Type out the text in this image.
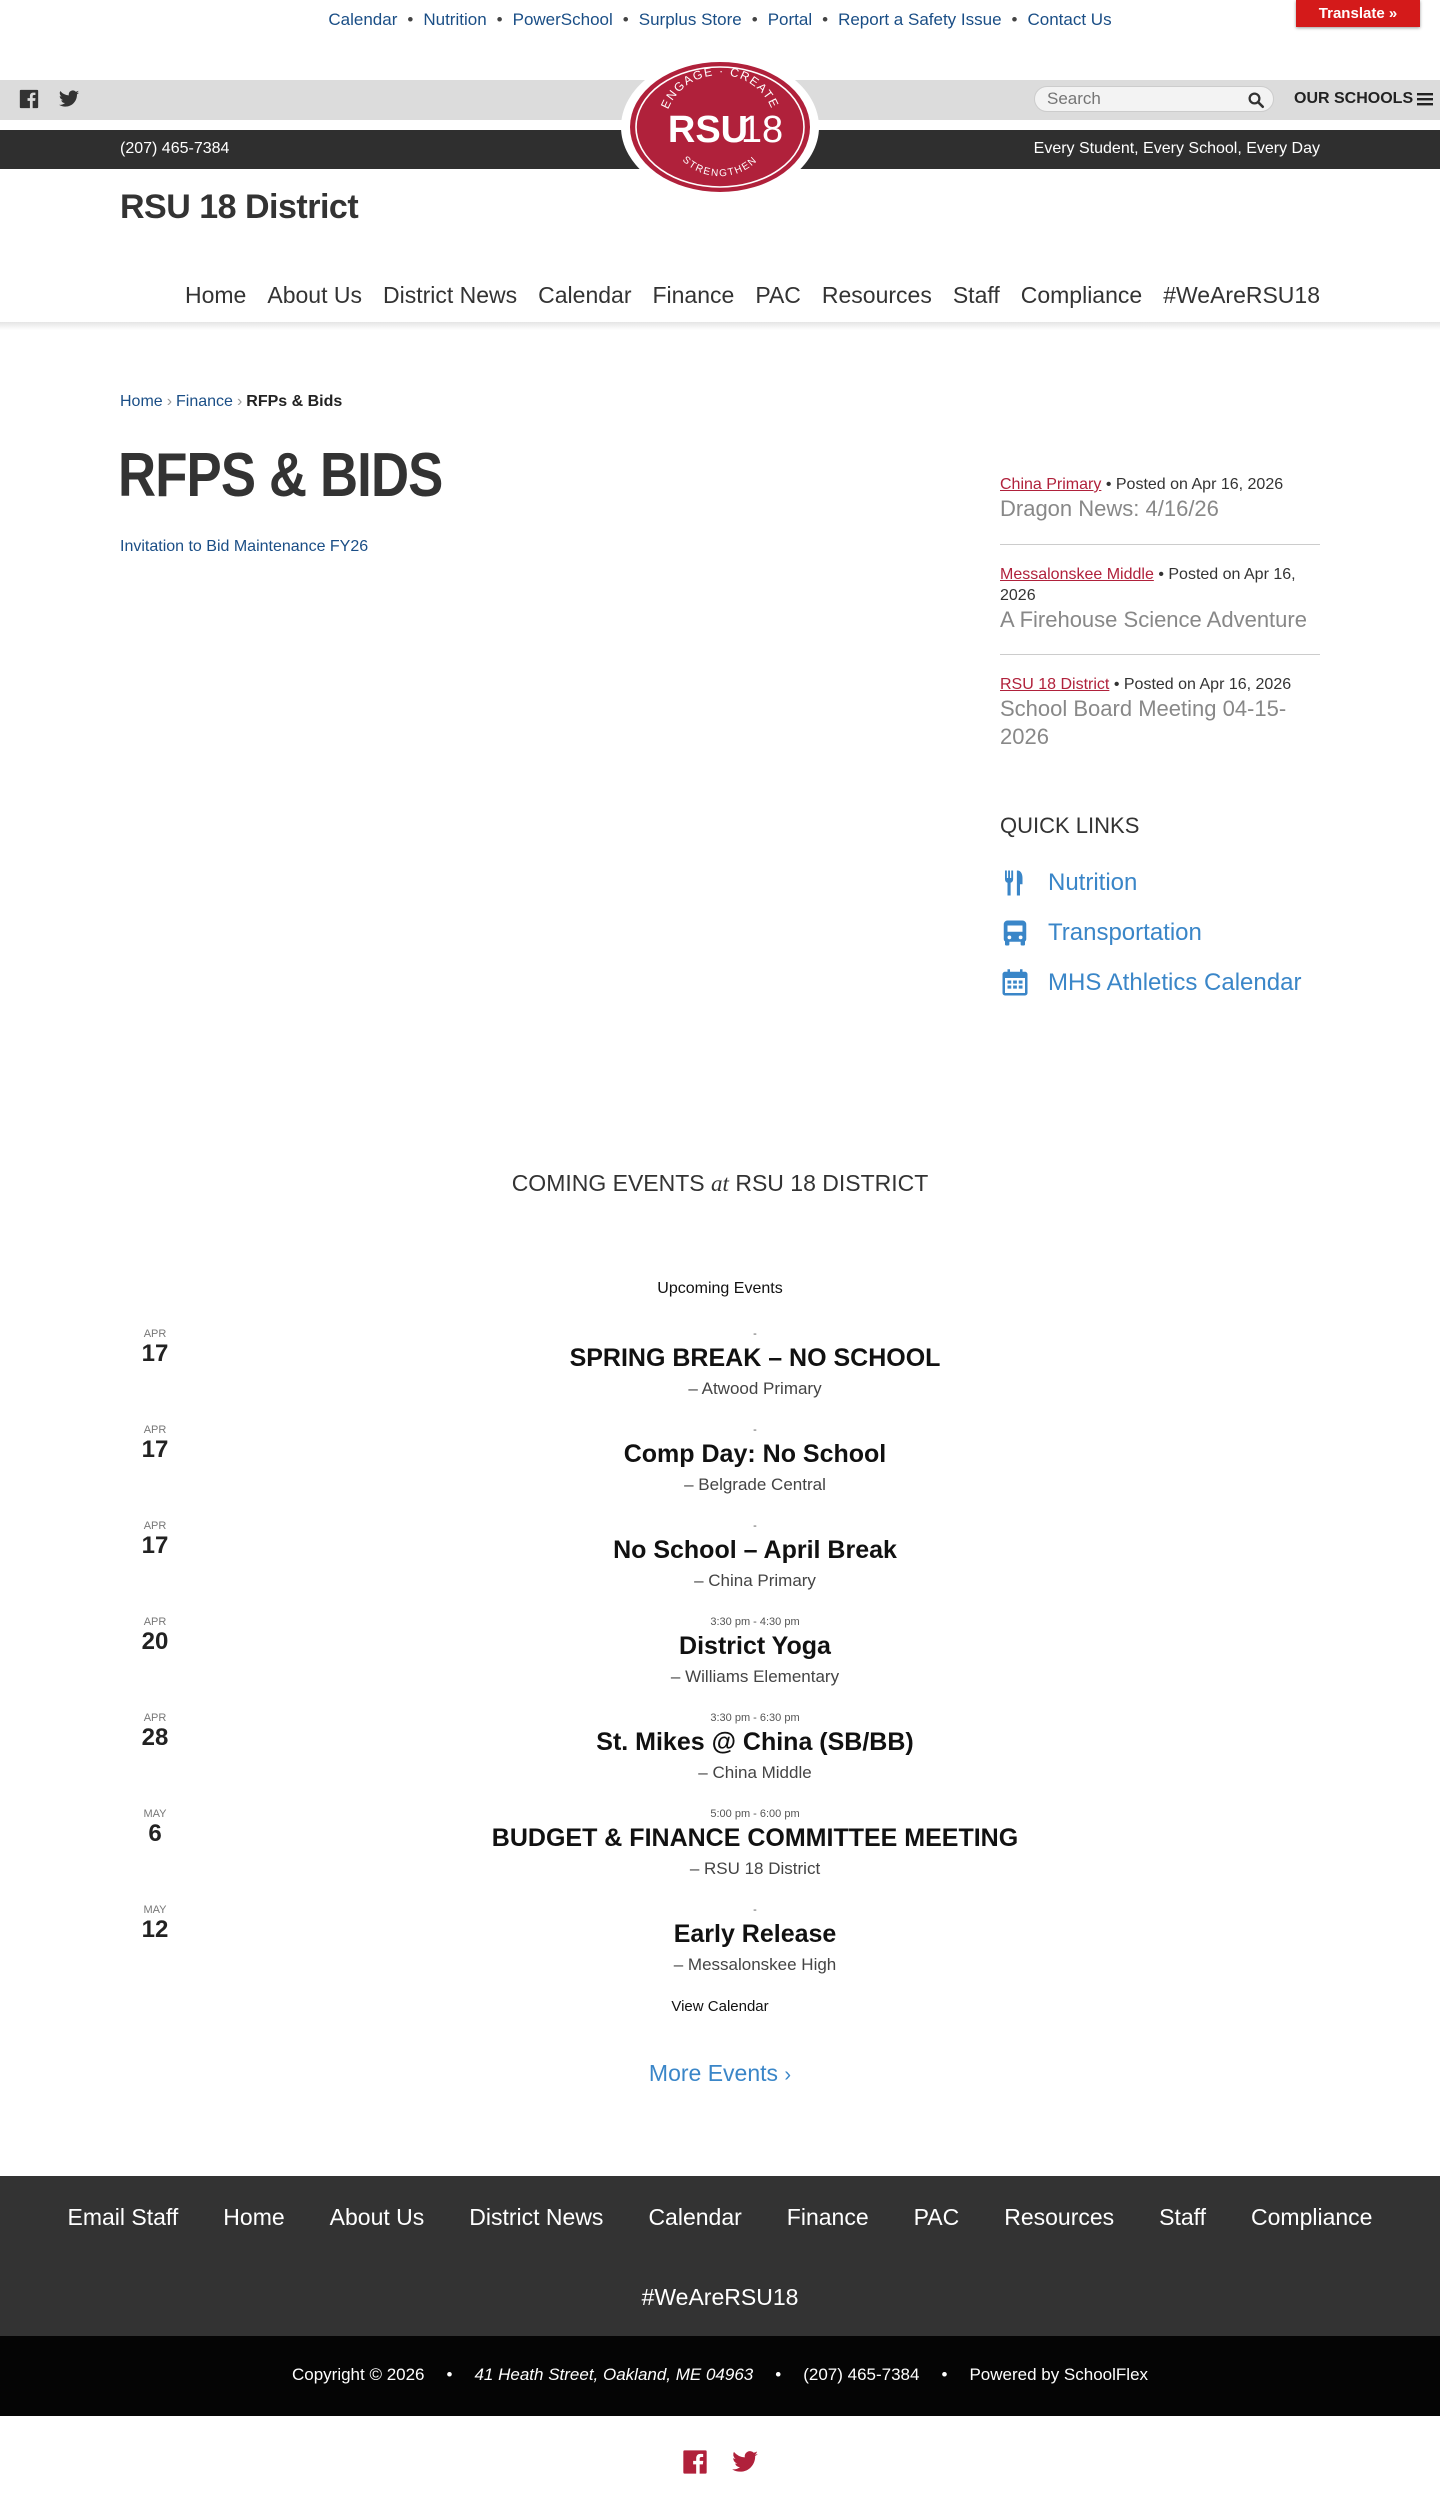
Calendar • Nutrition • PowerSchool • Surplus Store • Portal • Report a Safety Issue • Contact Us	Translate »
Search
OUR SCHOOLS
(207) 465-7384	Every Student, Every School, Every Day
ENGAGE · CREATE
RSU
18
STRENGTHEN
RSU 18 District
Home About Us District News Calendar Finance PAC Resources Staff Compliance #WeAreRSU18
Home › Finance › RFPs & Bids
RFPS & BIDS
Invitation to Bid Maintenance FY26
China Primary • Posted on Apr 16, 2026
Dragon News: 4/16/26
Messalonskee Middle • Posted on Apr 16, 2026
A Firehouse Science Adventure
RSU 18 District • Posted on Apr 16, 2026
School Board Meeting 04-15-2026
QUICK LINKS
Nutrition
Transportation
MHS Athletics Calendar
COMING EVENTS at RSU 18 DISTRICT
Upcoming Events
APR
17
-
SPRING BREAK – NO SCHOOL
– Atwood Primary
APR
17
-
Comp Day: No School
– Belgrade Central
APR
17
-
No School – April Break
– China Primary
APR
20
3:30 pm - 4:30 pm
District Yoga
– Williams Elementary
APR
28
3:30 pm - 6:30 pm
St. Mikes @ China (SB/BB)
– China Middle
MAY
6
5:00 pm - 6:00 pm
BUDGET & FINANCE COMMITTEE MEETING
– RSU 18 District
MAY
12
-
Early Release
– Messalonskee High
View Calendar
More Events ›
Email Staff Home About Us District News Calendar Finance PAC Resources Staff Compliance
#WeAreRSU18
Copyright © 2026 • 41 Heath Street, Oakland, ME 04963 • (207) 465-7384 • Powered by SchoolFlex
